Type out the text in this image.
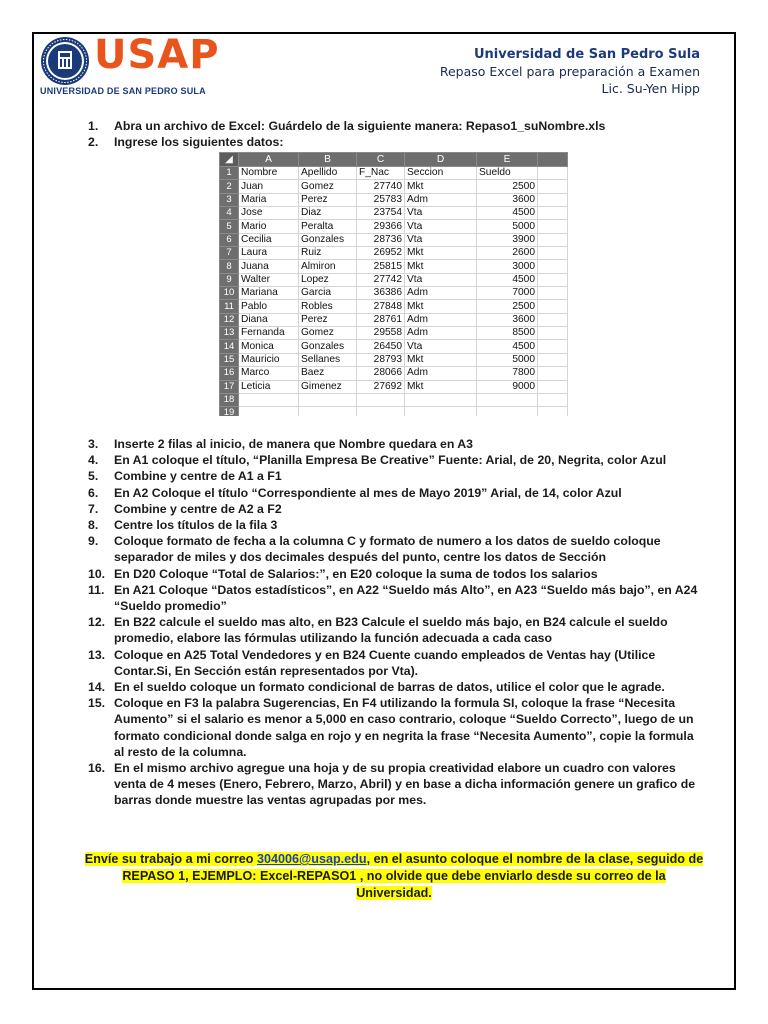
USAP
UNIVERSIDAD DE SAN PEDRO SULA
Universidad de San Pedro Sula
Repaso Excel para preparación a Examen
Lic. Su-Yen Hipp
1. Abra un archivo de Excel: Guárdelo de la siguiente manera: Repaso1_suNombre.xls
2. Ingrese los siguientes datos:
◢	A	B	C	D	E	
1	Nombre	Apellido	F_Nac	Seccion	Sueldo	
2	Juan	Gomez	27740	Mkt	2500	
3	Maria	Perez	25783	Adm	3600	
4	Jose	Diaz	23754	Vta	4500	
5	Mario	Peralta	29366	Vta	5000	
6	Cecilia	Gonzales	28736	Vta	3900	
7	Laura	Ruiz	26952	Mkt	2600	
8	Juana	Almiron	25815	Mkt	3000	
9	Walter	Lopez	27742	Vta	4500	
10	Mariana	Garcia	36386	Adm	7000	
11	Pablo	Robles	27848	Mkt	2500	
12	Diana	Perez	28761	Adm	3600	
13	Fernanda	Gomez	29558	Adm	8500	
14	Monica	Gonzales	26450	Vta	4500	
15	Mauricio	Sellanes	28793	Mkt	5000	
16	Marco	Baez	28066	Adm	7800	
17	Leticia	Gimenez	27692	Mkt	9000	
18						
19						
3. Inserte 2 filas al inicio, de manera que Nombre quedara en A3
4. En A1 coloque el título, “Planilla Empresa Be Creative” Fuente: Arial, de 20, Negrita, color Azul
5. Combine y centre de A1 a F1
6. En A2 Coloque el título “Correspondiente al mes de Mayo 2019” Arial, de 14, color Azul
7. Combine y centre de A2 a F2
8. Centre los títulos de la fila 3
9. Coloque formato de fecha a la columna C y formato de numero a los datos de sueldo coloque separador de miles y dos decimales después del punto, centre los datos de Sección
10. En D20 Coloque “Total de Salarios:”, en E20 coloque la suma de todos los salarios
11. En A21 Coloque “Datos estadísticos”, en A22 “Sueldo más Alto”, en A23 “Sueldo más bajo”, en A24 “Sueldo promedio”
12. En B22 calcule el sueldo mas alto, en B23 Calcule el sueldo más bajo, en B24 calcule el sueldo promedio, elabore las fórmulas utilizando la función adecuada a cada caso
13. Coloque en A25 Total Vendedores y en B24 Cuente cuando empleados de Ventas hay (Utilice Contar.Si, En Sección están representados por Vta).
14. En el sueldo coloque un formato condicional de barras de datos, utilice el color que le agrade.
15. Coloque en F3 la palabra Sugerencias, En F4 utilizando la formula SI, coloque la frase “Necesita Aumento” si el salario es menor a 5,000 en caso contrario, coloque “Sueldo Correcto”, luego de un formato condicional donde salga en rojo y en negrita la frase “Necesita Aumento”, copie la formula al resto de la columna.
16. En el mismo archivo agregue una hoja y de su propia creatividad elabore un cuadro con valores venta de 4 meses (Enero, Febrero, Marzo, Abril) y en base a dicha información genere un grafico de barras donde muestre las ventas agrupadas por mes.
Envíe su trabajo a mi correo 304006@usap.edu, en el asunto coloque el nombre de la clase, seguido de
REPASO 1, EJEMPLO: Excel-REPASO1 , no olvide que debe enviarlo desde su correo de la Universidad.
